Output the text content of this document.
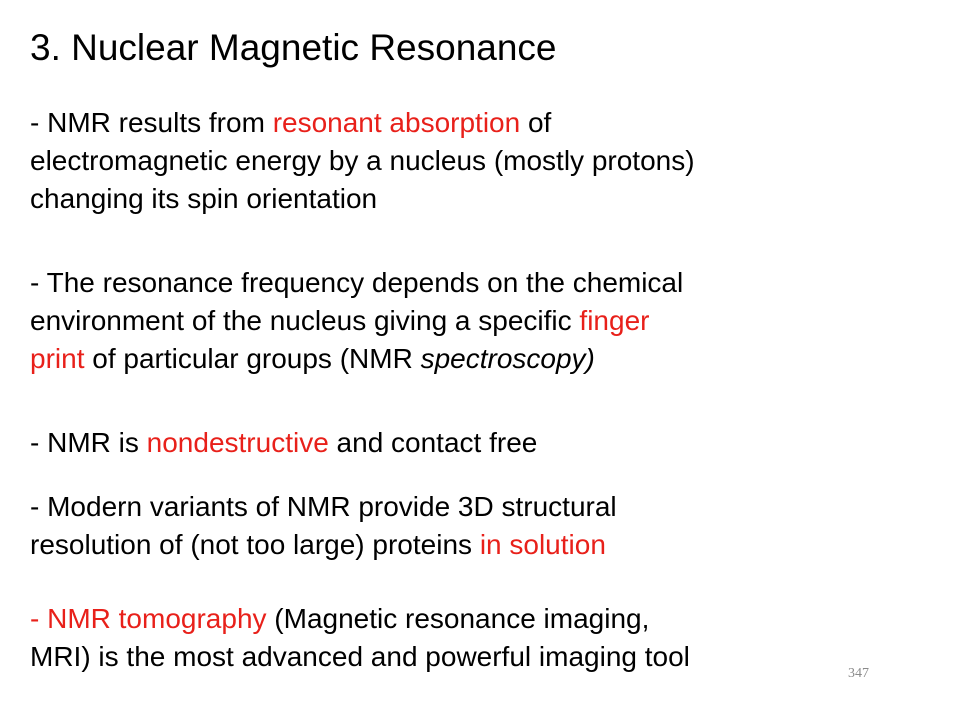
3. Nuclear Magnetic Resonance

- NMR results from resonant absorption of
electromagnetic energy by a nucleus (mostly protons)
changing its spin orientation

- The resonance frequency depends on the chemical
environment of the nucleus giving a specific finger
print of particular groups (NMR spectroscopy)

- NMR is nondestructive and contact free

- Modern variants of NMR provide 3D structural
resolution of (not too large) proteins in solution

- NMR tomography (Magnetic resonance imaging,
MRI) is the most advanced and powerful imaging tool

347
